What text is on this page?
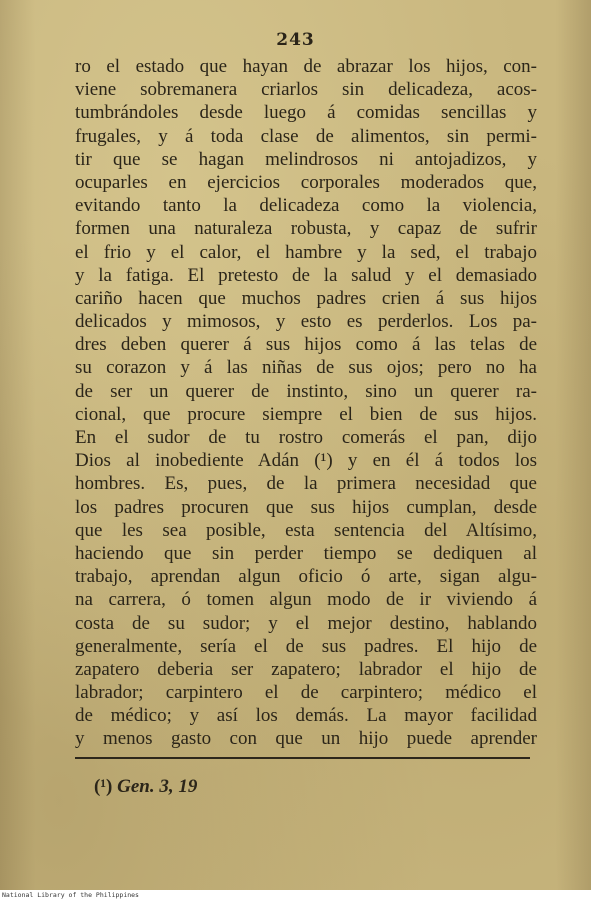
243
ro el estado que hayan de abrazar los hijos, con-
viene sobremanera criarlos sin delicadeza, acos-
tumbrándoles desde luego á comidas sencillas y
frugales, y á toda clase de alimentos, sin permi-
tir que se hagan melindrosos ni antojadizos, y
ocuparles en ejercicios corporales moderados que,
evitando tanto la delicadeza como la violencia,
formen una naturaleza robusta, y capaz de sufrir
el frio y el calor, el hambre y la sed, el trabajo
y la fatiga. El pretesto de la salud y el demasiado
cariño hacen que muchos padres crien á sus hijos
delicados y mimosos, y esto es perderlos. Los pa-
dres deben querer á sus hijos como á las telas de
su corazon y á las niñas de sus ojos; pero no ha
de ser un querer de instinto, sino un querer ra-
cional, que procure siempre el bien de sus hijos.
En el sudor de tu rostro comerás el pan, dijo
Dios al inobediente Adán (¹) y en él á todos los
hombres. Es, pues, de la primera necesidad que
los padres procuren que sus hijos cumplan, desde
que les sea posible, esta sentencia del Altísimo,
haciendo que sin perder tiempo se dediquen al
trabajo, aprendan algun oficio ó arte, sigan algu-
na carrera, ó tomen algun modo de ir viviendo á
costa de su sudor; y el mejor destino, hablando
generalmente, sería el de sus padres. El hijo de
zapatero deberia ser zapatero; labrador el hijo de
labrador; carpintero el de carpintero; médico el
de médico; y así los demás. La mayor facilidad
y menos gasto con que un hijo puede aprender
(¹) Gen. 3, 19
National Library of the Philippines
